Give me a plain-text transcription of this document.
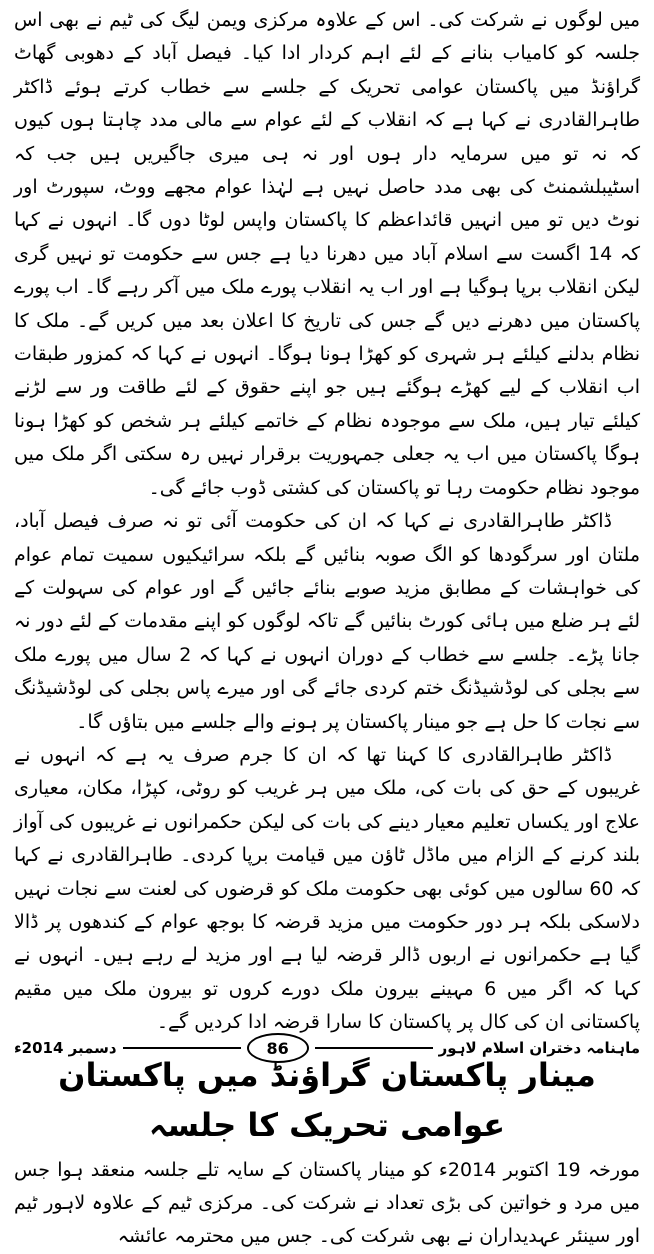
میں لوگوں نے شرکت کی۔ اس کے علاوہ مرکزی ویمن لیگ کی ٹیم نے بھی اس جلسہ کو کامیاب بنانے کے لئے اہم کردار ادا کیا۔ فیصل آباد کے دھوبی گھاٹ گراؤنڈ میں پاکستان عوامی تحریک کے جلسے سے خطاب کرتے ہوئے ڈاکٹر طاہرالقادری نے کہا ہے کہ انقلاب کے لئے عوام سے مالی مدد چاہتا ہوں کیوں کہ نہ تو میں سرمایہ دار ہوں اور نہ ہی میری جاگیریں ہیں جب کہ اسٹیبلشمنٹ کی بھی مدد حاصل نہیں ہے لہٰذا عوام مجھے ووٹ، سپورٹ اور نوٹ دیں تو میں انہیں قائداعظم کا پاکستان واپس لوٹا دوں گا۔ انہوں نے کہا کہ 14 اگست سے اسلام آباد میں دھرنا دیا ہے جس سے حکومت تو نہیں گری لیکن انقلاب برپا ہوگیا ہے اور اب یہ انقلاب پورے ملک میں آکر رہے گا۔ اب پورے پاکستان میں دھرنے دیں گے جس کی تاریخ کا اعلان بعد میں کریں گے۔ ملک کا نظام بدلنے کیلئے ہر شہری کو کھڑا ہونا ہوگا۔ انہوں نے کہا کہ کمزور طبقات اب انقلاب کے لیے کھڑے ہوگئے ہیں جو اپنے حقوق کے لئے طاقت ور سے لڑنے کیلئے تیار ہیں، ملک سے موجودہ نظام کے خاتمے کیلئے ہر شخص کو کھڑا ہونا ہوگا پاکستان میں اب یہ جعلی جمہوریت برقرار نہیں رہ سکتی اگر ملک میں موجود نظام حکومت رہا تو پاکستان کی کشتی ڈوب جائے گی۔

ڈاکٹر طاہرالقادری نے کہا کہ ان کی حکومت آئی تو نہ صرف فیصل آباد، ملتان اور سرگودھا کو الگ صوبہ بنائیں گے بلکہ سرائیکیوں سمیت تمام عوام کی خواہشات کے مطابق مزید صوبے بنائے جائیں گے اور عوام کی سہولت کے لئے ہر ضلع میں ہائی کورٹ بنائیں گے تاکہ لوگوں کو اپنے مقدمات کے لئے دور نہ جانا پڑے۔ جلسے سے خطاب کے دوران انہوں نے کہا کہ 2 سال میں پورے ملک سے بجلی کی لوڈشیڈنگ ختم کردی جائے گی اور میرے پاس بجلی کی لوڈشیڈنگ سے نجات کا حل ہے جو مینار پاکستان پر ہونے والے جلسے میں بتاؤں گا۔

ڈاکٹر طاہرالقادری کا کہنا تھا کہ ان کا جرم صرف یہ ہے کہ انہوں نے غریبوں کے حق کی بات کی، ملک میں ہر غریب کو روٹی، کپڑا، مکان، معیاری علاج اور یکساں تعلیم معیار دینے کی بات کی لیکن حکمرانوں نے غریبوں کی آواز بلند کرنے کے الزام میں ماڈل ٹاؤن میں قیامت برپا کردی۔ طاہرالقادری نے کہا کہ 60 سالوں میں کوئی بھی حکومت ملک کو قرضوں کی لعنت سے نجات نہیں دلاسکی بلکہ ہر دور حکومت میں مزید قرضہ کا بوجھ عوام کے کندھوں پر ڈالا گیا ہے حکمرانوں نے اربوں ڈالر قرضہ لیا ہے اور مزید لے رہے ہیں۔ انہوں نے کہا کہ اگر میں 6 مہینے بیرون ملک دورے کروں تو بیرون ملک میں مقیم پاکستانی ان کی کال پر پاکستان کا سارا قرضہ ادا کردیں گے۔

مینار پاکستان گراؤنڈ میں پاکستان عوامی تحریک کا جلسہ

مورخہ 19 اکتوبر 2014ء کو مینار پاکستان کے سایہ تلے جلسہ منعقد ہوا جس میں مرد و خواتین کی بڑی تعداد نے شرکت کی۔ مرکزی ٹیم کے علاوہ لاہور ٹیم اور سینئر عہدیداران نے بھی شرکت کی۔ جس میں محترمہ عائشہ

ماہنامہ دختران اسلام لاہور
86
دسمبر 2014ء
